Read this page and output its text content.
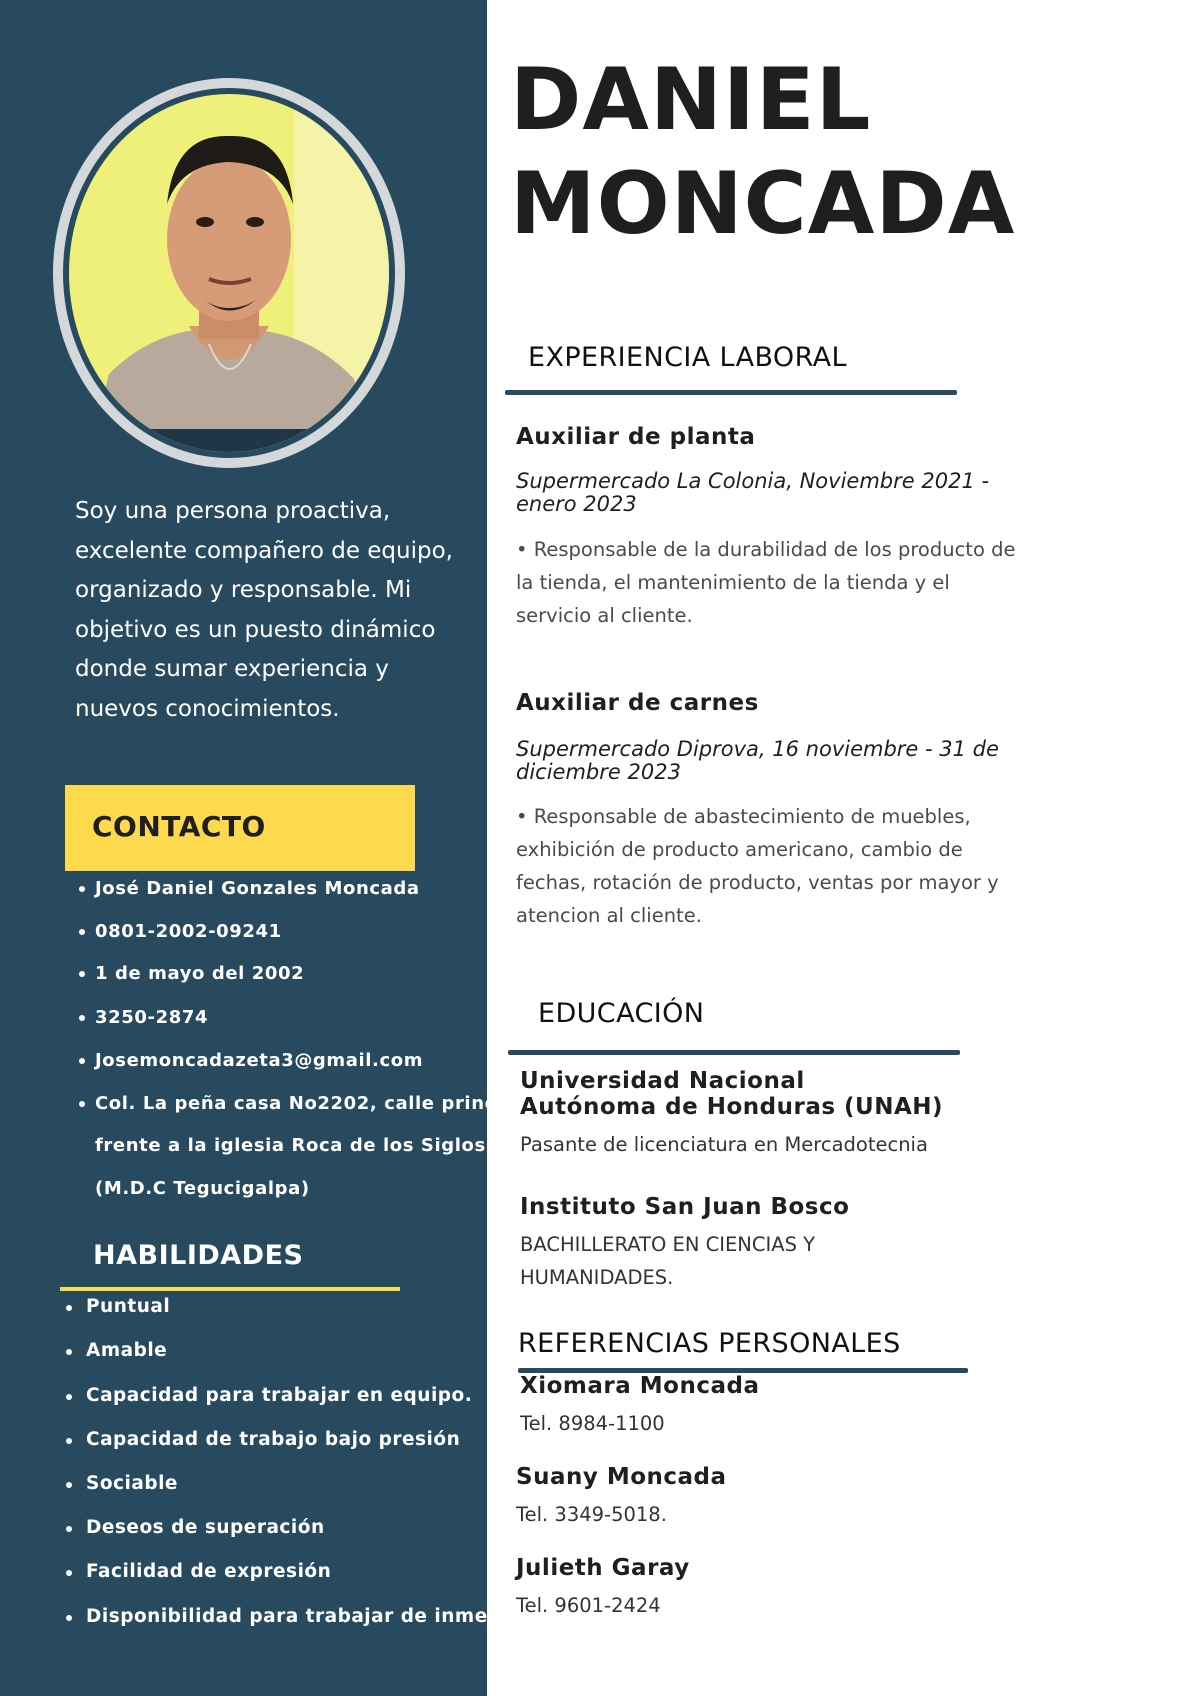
Soy una persona proactiva,
excelente compañero de equipo,
organizado y responsable. Mi
objetivo es un puesto dinámico
donde sumar experiencia y
nuevos conocimientos.

CONTACTO
José Daniel Gonzales Moncada
0801-2002-09241
1 de mayo del 2002
3250-2874
Josemoncadazeta3@gmail.com
Col. La peña casa No2202, calle principal
frente a la iglesia Roca de los Siglos
(M.D.C Tegucigalpa)
HABILIDADES
Puntual
Amable
Capacidad para trabajar en equipo.
Capacidad de trabajo bajo presión
Sociable
Deseos de superación
Facilidad de expresión
Disponibilidad para trabajar de inmediato
DANIEL
MONCADA
EXPERIENCIA LABORAL
Auxiliar de planta

Supermercado La Colonia, Noviembre 2021 -
enero 2023

• Responsable de la durabilidad de los producto de
la tienda, el mantenimiento de la tienda y el
servicio al cliente.

Auxiliar de carnes

Supermercado Diprova, 16 noviembre - 31 de
diciembre 2023

• Responsable de abastecimiento de muebles,
exhibición de producto americano, cambio de
fechas, rotación de producto, ventas por mayor y
atencion al cliente.

EDUCACIÓN
Universidad Nacional
Autónoma de Honduras (UNAH)

Pasante de licenciatura en Mercadotecnia

Instituto San Juan Bosco

BACHILLERATO EN CIENCIAS Y
HUMANIDADES.

REFERENCIAS PERSONALES
Xiomara Moncada

Tel. 8984-1100

Suany Moncada

Tel. 3349-5018.

Julieth Garay

Tel. 9601-2424
